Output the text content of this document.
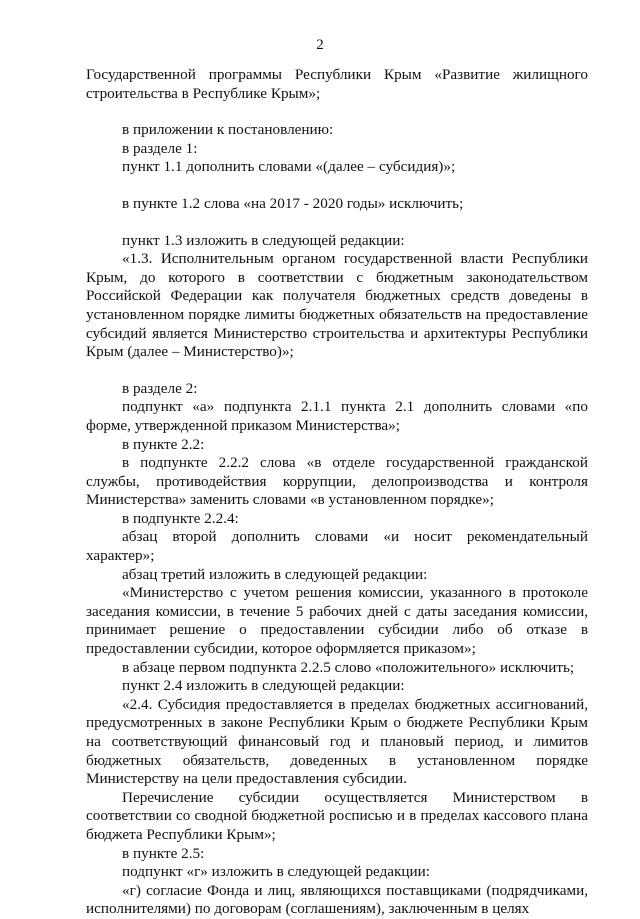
2

Государственной программы Республики Крым «Развитие жилищного строительства в Республике Крым»;

в приложении к постановлению:

в разделе 1:

пункт 1.1 дополнить словами «(далее – субсидия)»;

в пункте 1.2 слова «на 2017 - 2020 годы» исключить;

пункт 1.3 изложить в следующей редакции:

«1.3. Исполнительным органом государственной власти Республики Крым, до которого в соответствии с бюджетным законодательством Российской Федерации как получателя бюджетных средств доведены в установленном порядке лимиты бюджетных обязательств на предоставление субсидий является Министерство строительства и архитектуры Республики Крым (далее – Министерство)»;

в разделе 2:

подпункт «а» подпункта 2.1.1 пункта 2.1 дополнить словами «по форме, утвержденной приказом Министерства»;

в пункте 2.2:

в подпункте 2.2.2 слова «в отделе государственной гражданской службы, противодействия коррупции, делопроизводства и контроля Министерства» заменить словами «в установленном порядке»;

в подпункте 2.2.4:

абзац второй дополнить словами «и носит рекомендательный характер»;

абзац третий изложить в следующей редакции:

«Министерство с учетом решения комиссии, указанного в протоколе заседания комиссии, в течение 5 рабочих дней с даты заседания комиссии, принимает решение о предоставлении субсидии либо об отказе в предоставлении субсидии, которое оформляется приказом»;

в абзаце первом подпункта 2.2.5 слово «положительного» исключить;

пункт 2.4 изложить в следующей редакции:

«2.4. Субсидия предоставляется в пределах бюджетных ассигнований, предусмотренных в законе Республики Крым о бюджете Республики Крым на соответствующий финансовый год и плановый период, и лимитов бюджетных обязательств, доведенных в установленном порядке Министерству на цели предоставления субсидии.

Перечисление субсидии осуществляется Министерством в соответствии со сводной бюджетной росписью и в пределах кассового плана бюджета Республики Крым»;

в пункте 2.5:

подпункт «г» изложить в следующей редакции:

«г) согласие Фонда и лиц, являющихся поставщиками (подрядчиками, исполнителями) по договорам (соглашениям), заключенным в целях
